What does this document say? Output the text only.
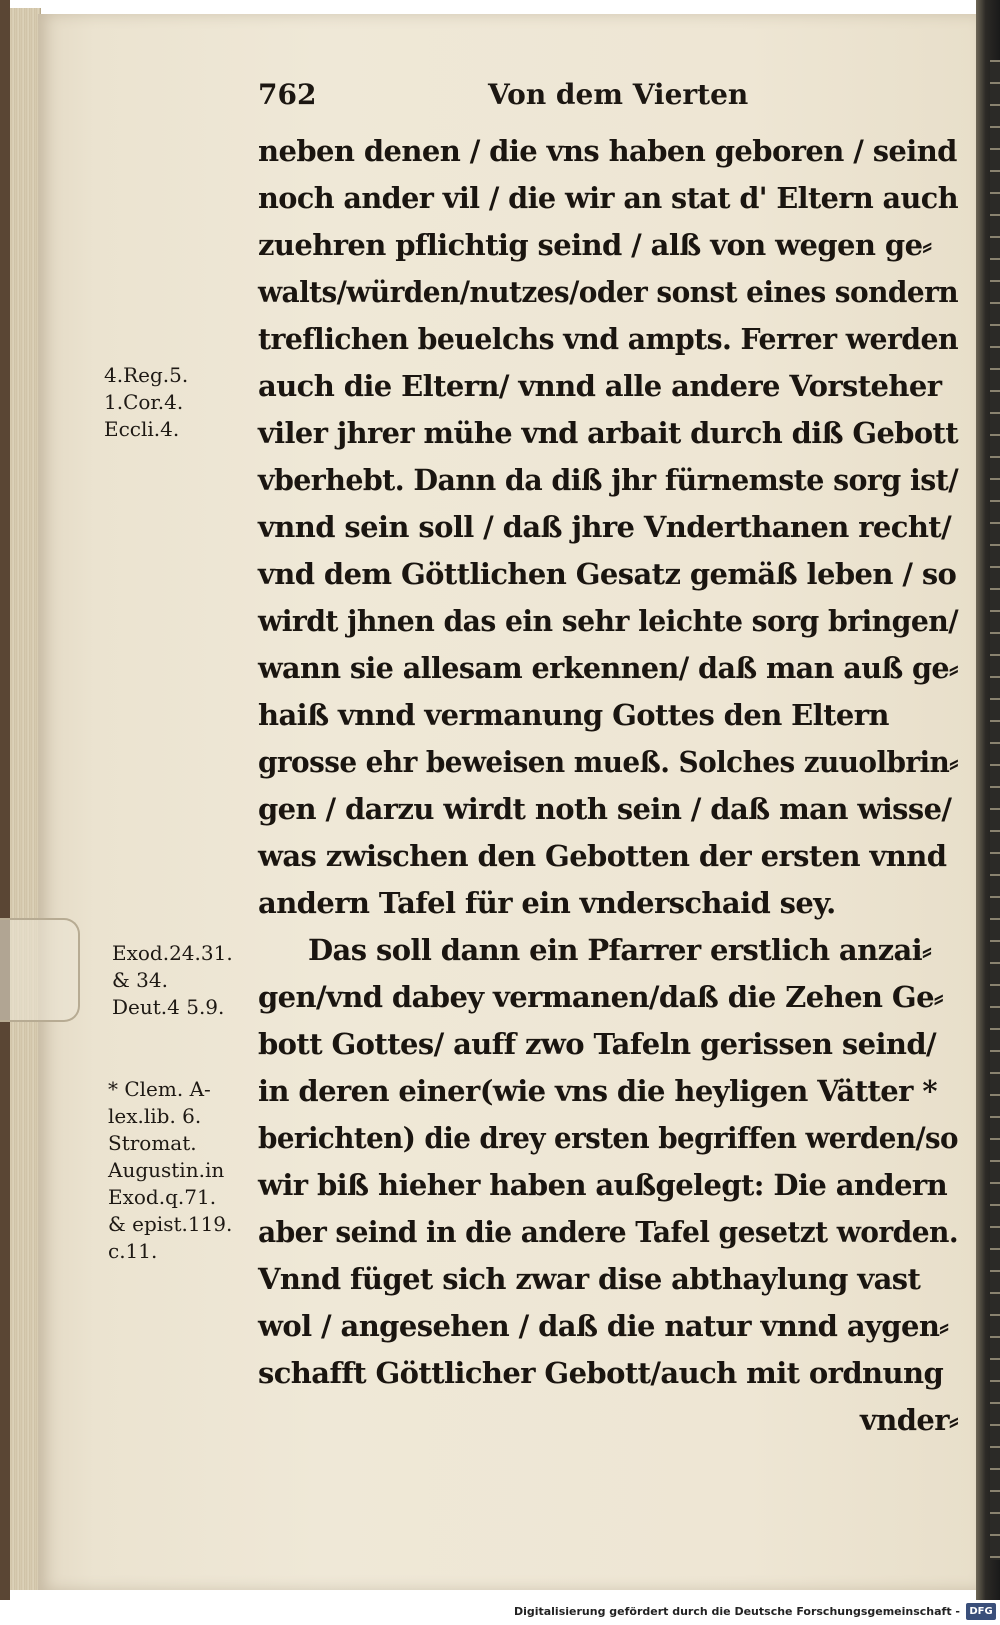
762	Von dem Vierten
4.Reg.5.
1.Cor.4.
Eccli.4.
Exod.24.31.
& 34.
Deut.4 5.9.
* Clem. A-
lex.lib. 6.
Stromat.
Augustin.in
Exod.q.71.
& epist.119.
c.11.
neben denen / die vns haben geboren / seind
noch ander vil / die wir an stat d' Eltern auch
zuehren pflichtig seind / alß von wegen ge⸗
walts/würden/nutzes/oder sonst eines sondern
treflichen beuelchs vnd ampts. Ferrer werden
auch die Eltern/ vnnd alle andere Vorsteher
viler jhrer mühe vnd arbait durch diß Gebott
vberhebt. Dann da diß jhr fürnemste sorg ist/
vnnd sein soll / daß jhre Vnderthanen recht/
vnd dem Göttlichen Gesatz gemäß leben / so
wirdt jhnen das ein sehr leichte sorg bringen/
wann sie allesam erkennen/ daß man auß ge⸗
haiß vnnd vermanung Gottes den Eltern
grosse ehr beweisen mueß. Solches zuuolbrin⸗
gen / darzu wirdt noth sein / daß man wisse/
was zwischen den Gebotten der ersten vnnd
andern Tafel für ein vnderschaid sey.
Das soll dann ein Pfarrer erstlich anzai⸗
gen/vnd dabey vermanen/daß die Zehen Ge⸗
bott Gottes/ auff zwo Tafeln gerissen seind/
in deren einer(wie vns die heyligen Vätter *
berichten) die drey ersten begriffen werden/so
wir biß hieher haben außgelegt: Die andern
aber seind in die andere Tafel gesetzt worden.
Vnnd füget sich zwar dise abthaylung vast
wol / angesehen / daß die natur vnnd aygen⸗
schafft Göttlicher Gebott/auch mit ordnung
vnder⸗
Digitalisierung gefördert durch die Deutsche Forschungsgemeinschaft - DFG
